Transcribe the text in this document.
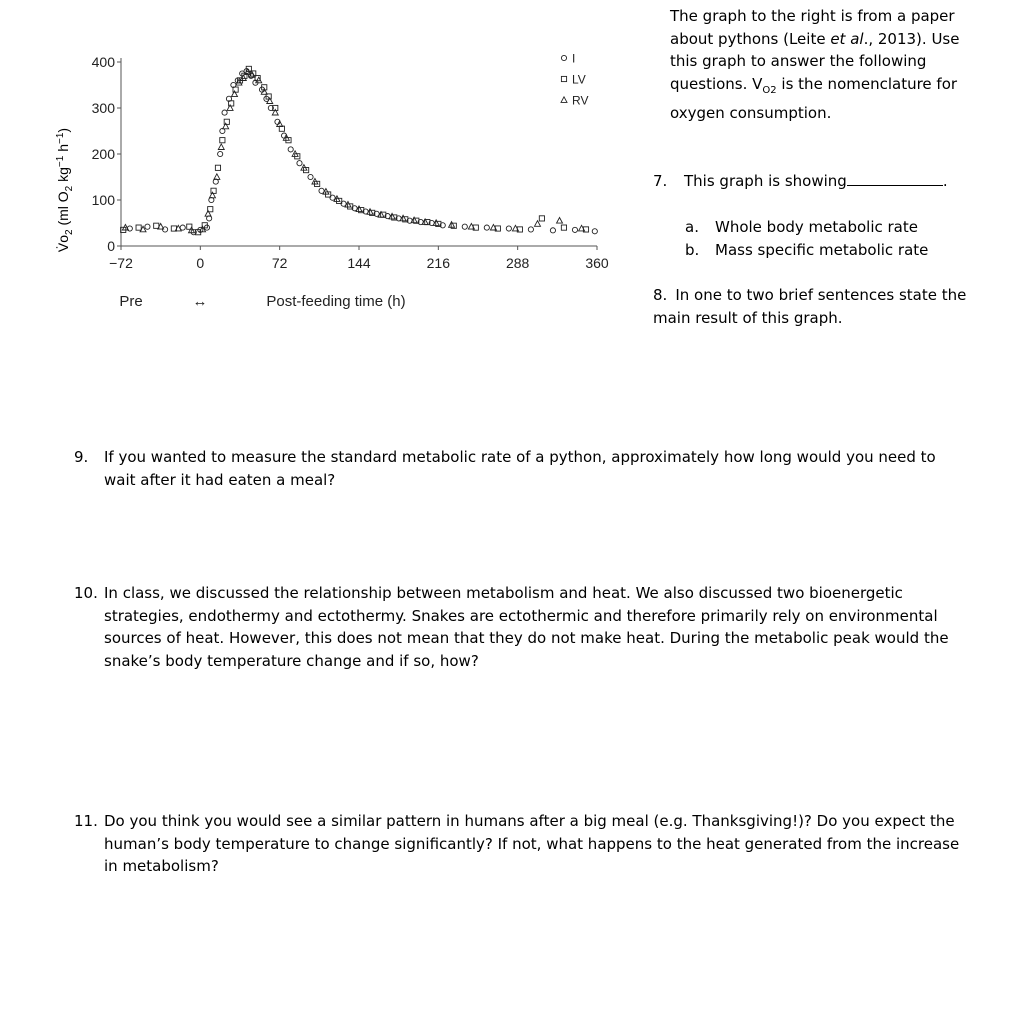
$V̇o_2$ (ml $O_2$ $kg^{-1}$ $h^{-1}$)
0
100
200
300
400
−72	0	72	144	216	288	360
I
LV
RV
Pre	↔	Post-feeding time (h)
The graph to the right is from a paper about pythons (Leite et al., 2013). Use this graph to answer the following questions. $V_{O2}$ is the nomenclature for oxygen consumption.
7. This graph is showing	.
a. Whole body metabolic rate
b. Mass specific metabolic rate
8. In one to two brief sentences state the main result of this graph.
9. If you wanted to measure the standard metabolic rate of a python, approximately how long would you need to wait after it had eaten a meal?
10. In class, we discussed the relationship between metabolism and heat. We also discussed two bioenergetic strategies, endothermy and ectothermy. Snakes are ectothermic and therefore primarily rely on environmental sources of heat. However, this does not mean that they do not make heat. During the metabolic peak would the snake’s body temperature change and if so, how?
11. Do you think you would see a similar pattern in humans after a big meal (e.g. Thanksgiving!)? Do you expect the human’s body temperature to change significantly? If not, what happens to the heat generated from the increase in metabolism?
